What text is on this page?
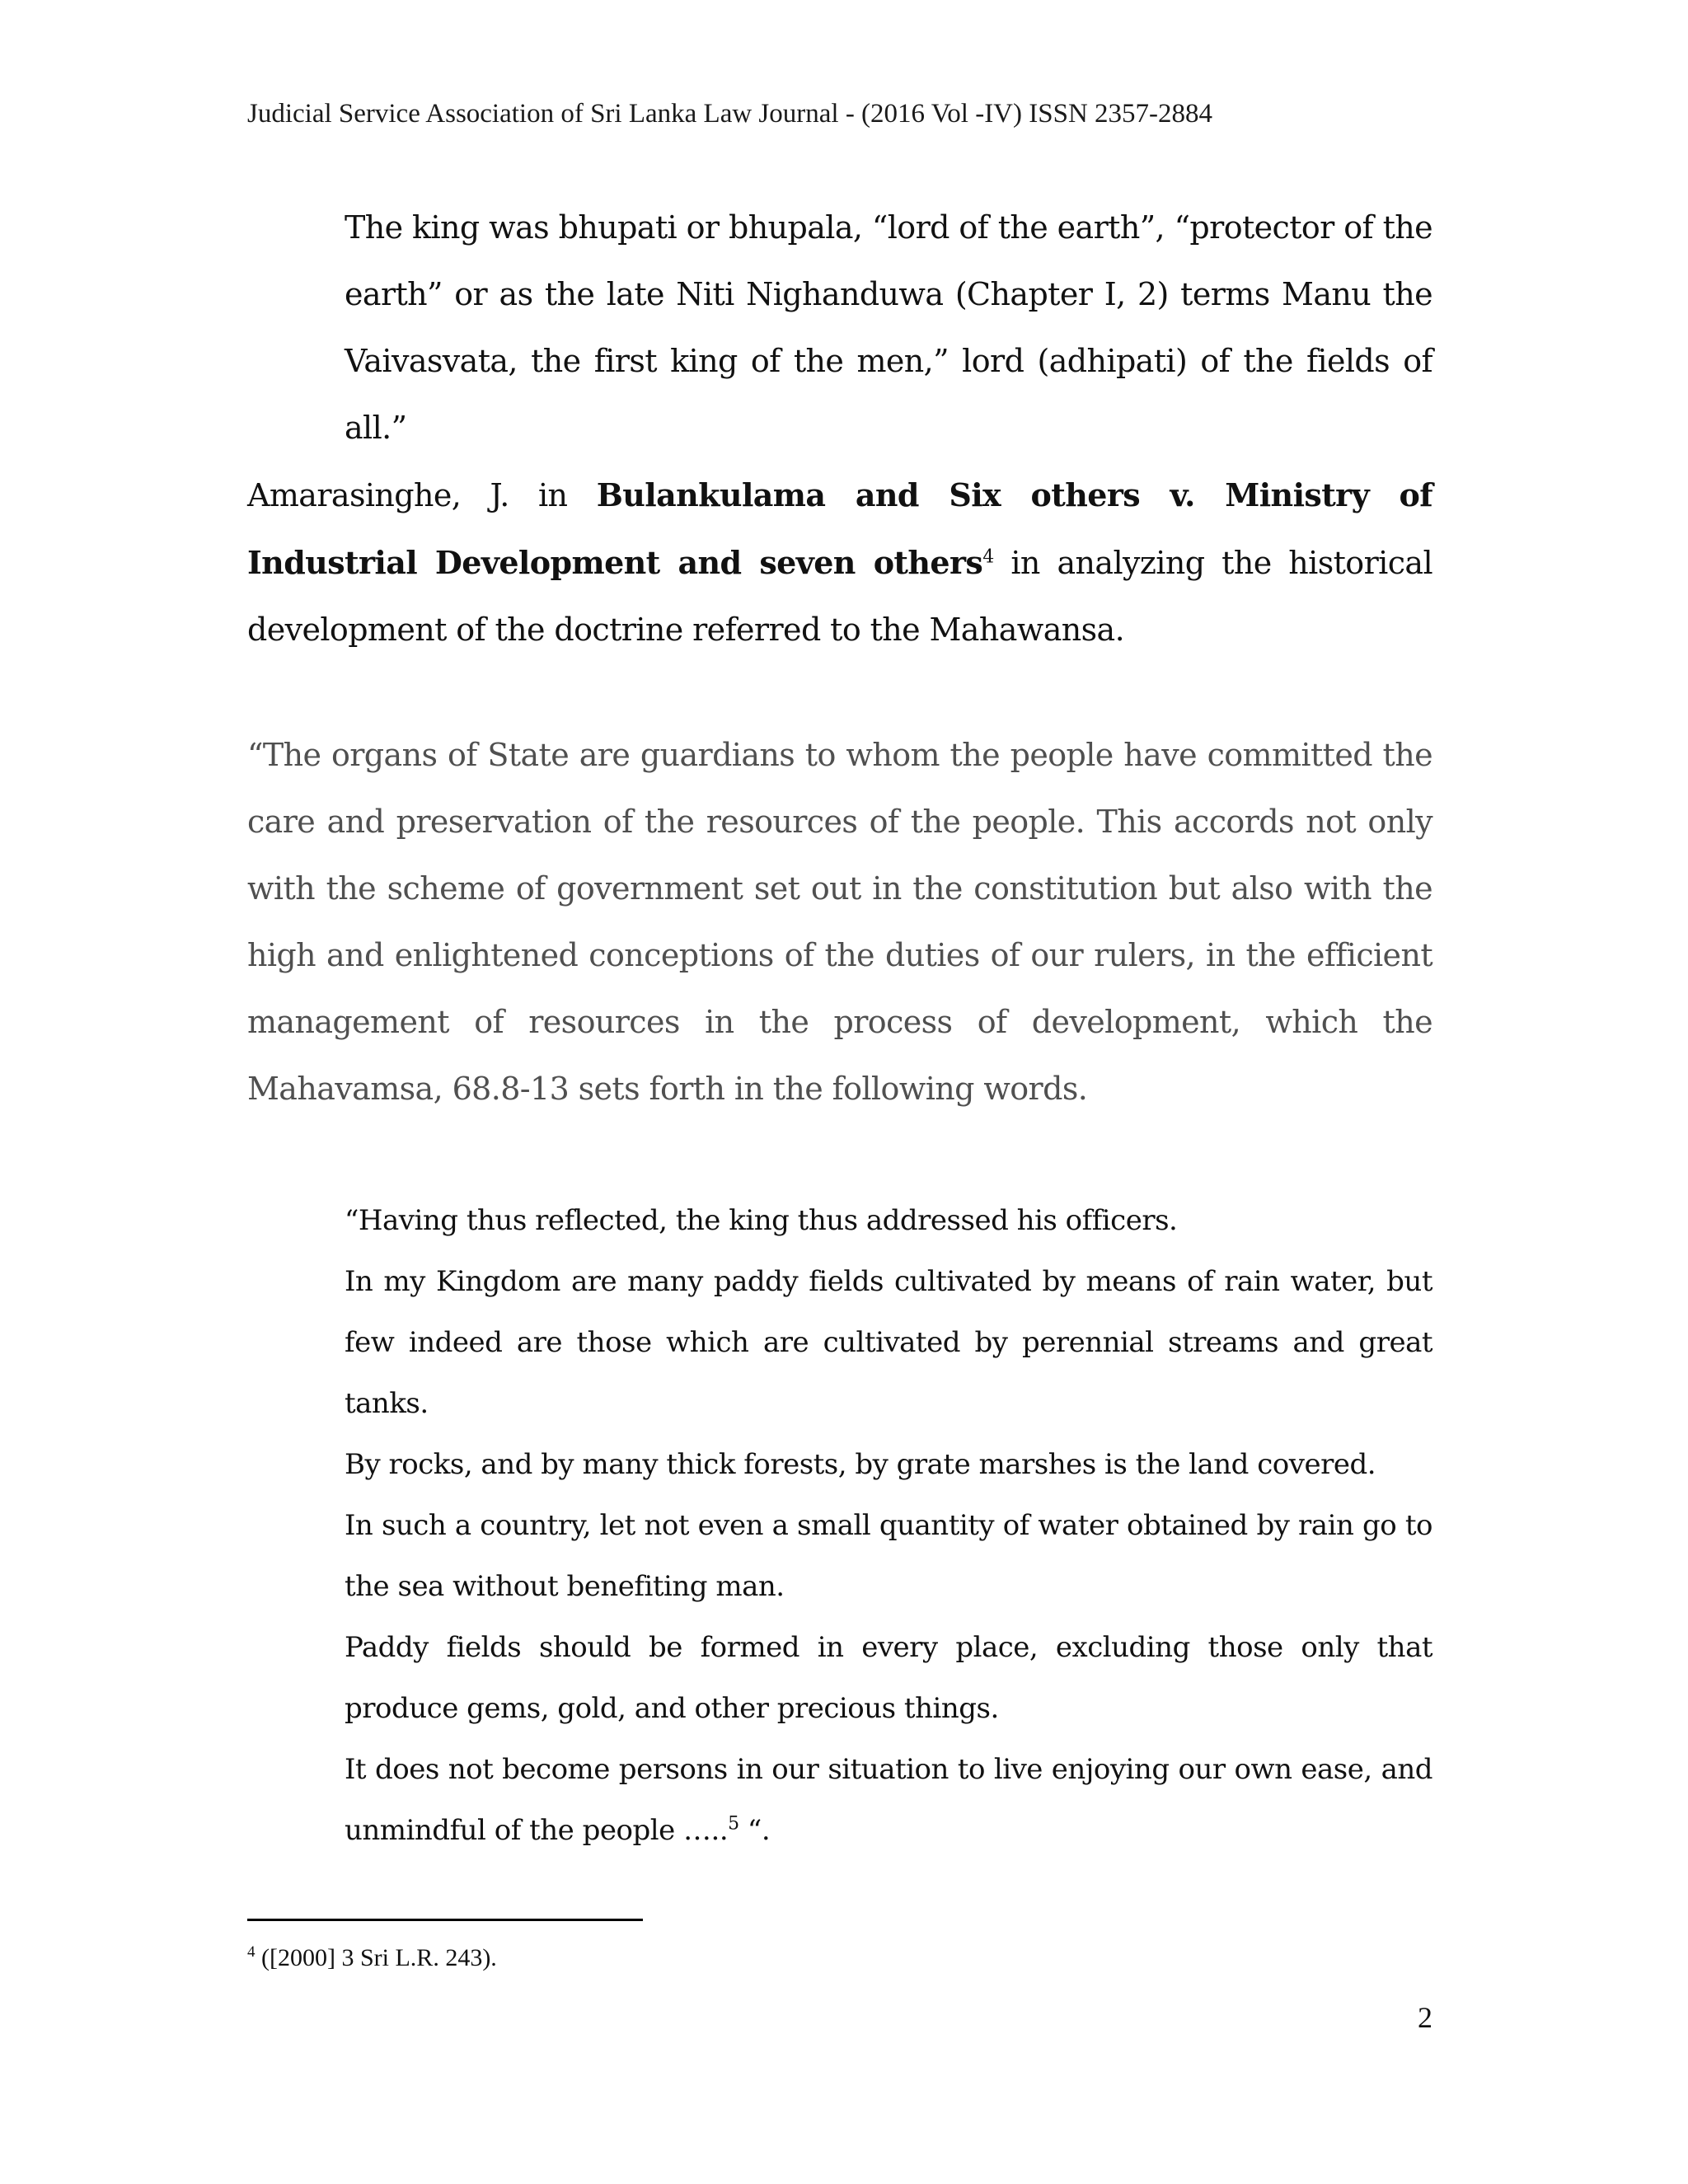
Judicial Service Association of Sri Lanka Law Journal - (2016 Vol -IV) ISSN 2357-2884
The king was bhupati or bhupala, “lord of the earth”, “protector of the earth” or as the late Niti Nighanduwa (Chapter I, 2) terms Manu the Vaivasvata, the first king of the men,” lord (adhipati) of the fields of all.”
Amarasinghe, J. in Bulankulama and Six others v. Ministry of Industrial Development and seven others$^4$ in analyzing the historical development of the doctrine referred to the Mahawansa.
“The organs of State are guardians to whom the people have committed the care and preservation of the resources of the people. This accords not only with the scheme of government set out in the constitution but also with the high and enlightened conceptions of the duties of our rulers, in the efficient management of resources in the process of development, which the Mahavamsa, 68.8-13 sets forth in the following words.

“Having thus reflected, the king thus addressed his officers.

In my Kingdom are many paddy fields cultivated by means of rain water, but few indeed are those which are cultivated by perennial streams and great tanks.

By rocks, and by many thick forests, by grate marshes is the land covered.

In such a country, let not even a small quantity of water obtained by rain go to the sea without benefiting man.

Paddy fields should be formed in every place, excluding those only that produce gems, gold, and other precious things.

It does not become persons in our situation to live enjoying our own ease, and unmindful of the people …..$^5$ “.

$^4$ ([2000] 3 Sri L.R. 243).
2
